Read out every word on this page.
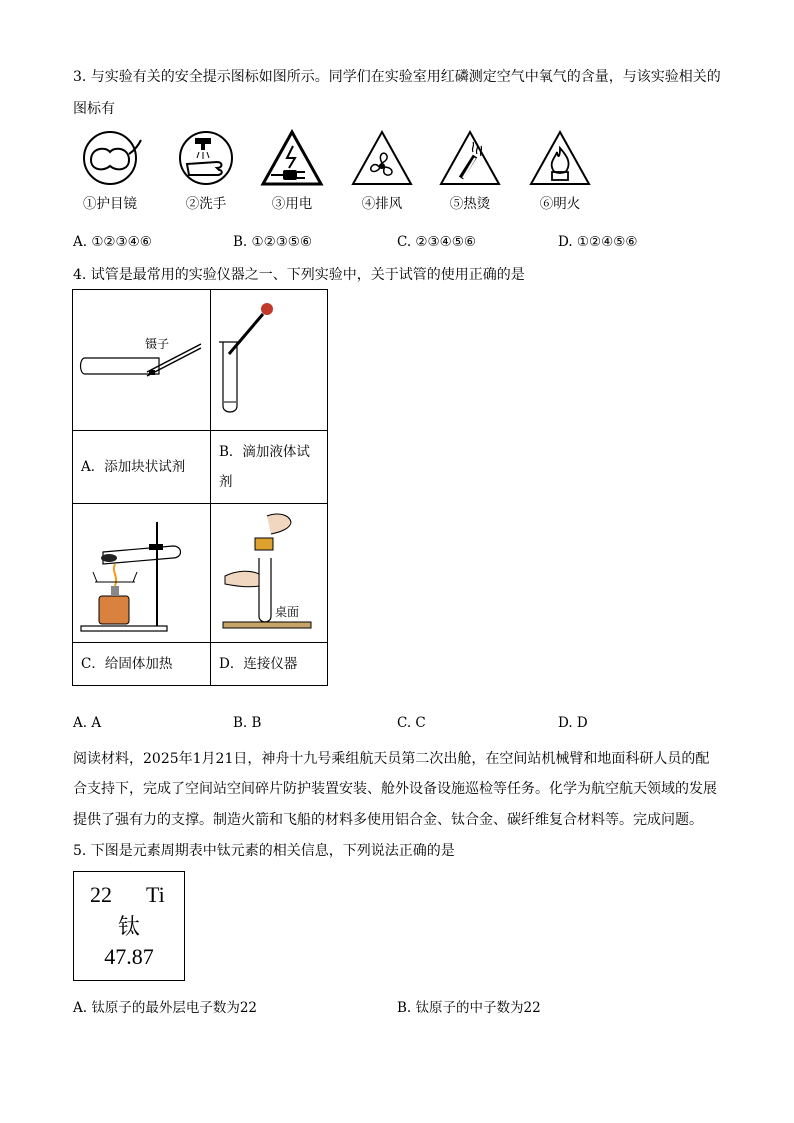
3. 与实验有关的安全提示图标如图所示。同学们在实验室用红磷测定空气中氧气的含量，与该实验相关的
图标有
①护目镜	②洗手	③用电	④排风	⑤热烫	⑥明火
A. ①②③④⑥	B. ①②③⑤⑥	C. ②③④⑤⑥	D. ①②④⑤⑥
4. 试管是最常用的实验仪器之一、下列实验中，关于试管的使用正确的是
镊子

A．添加块状试剂	B．滴加液体试
剂

桌面

C．给固体加热	D．连接仪器
A. A	B. B	C. C	D. D
阅读材料，2025年1月21日，神舟十九号乘组航天员第二次出舱，在空间站机械臂和地面科研人员的配
合支持下，完成了空间站空间碎片防护装置安装、舱外设备设施巡检等任务。化学为航空航天领域的发展
提供了强有力的支撑。制造火箭和飞船的材料多使用铝合金、钛合金、碳纤维复合材料等。完成问题。
5. 下图是元素周期表中钛元素的相关信息，下列说法正确的是
22 Ti
钛
47.87
A. 钛原子的最外层电子数为22	B. 钛原子的中子数为22
